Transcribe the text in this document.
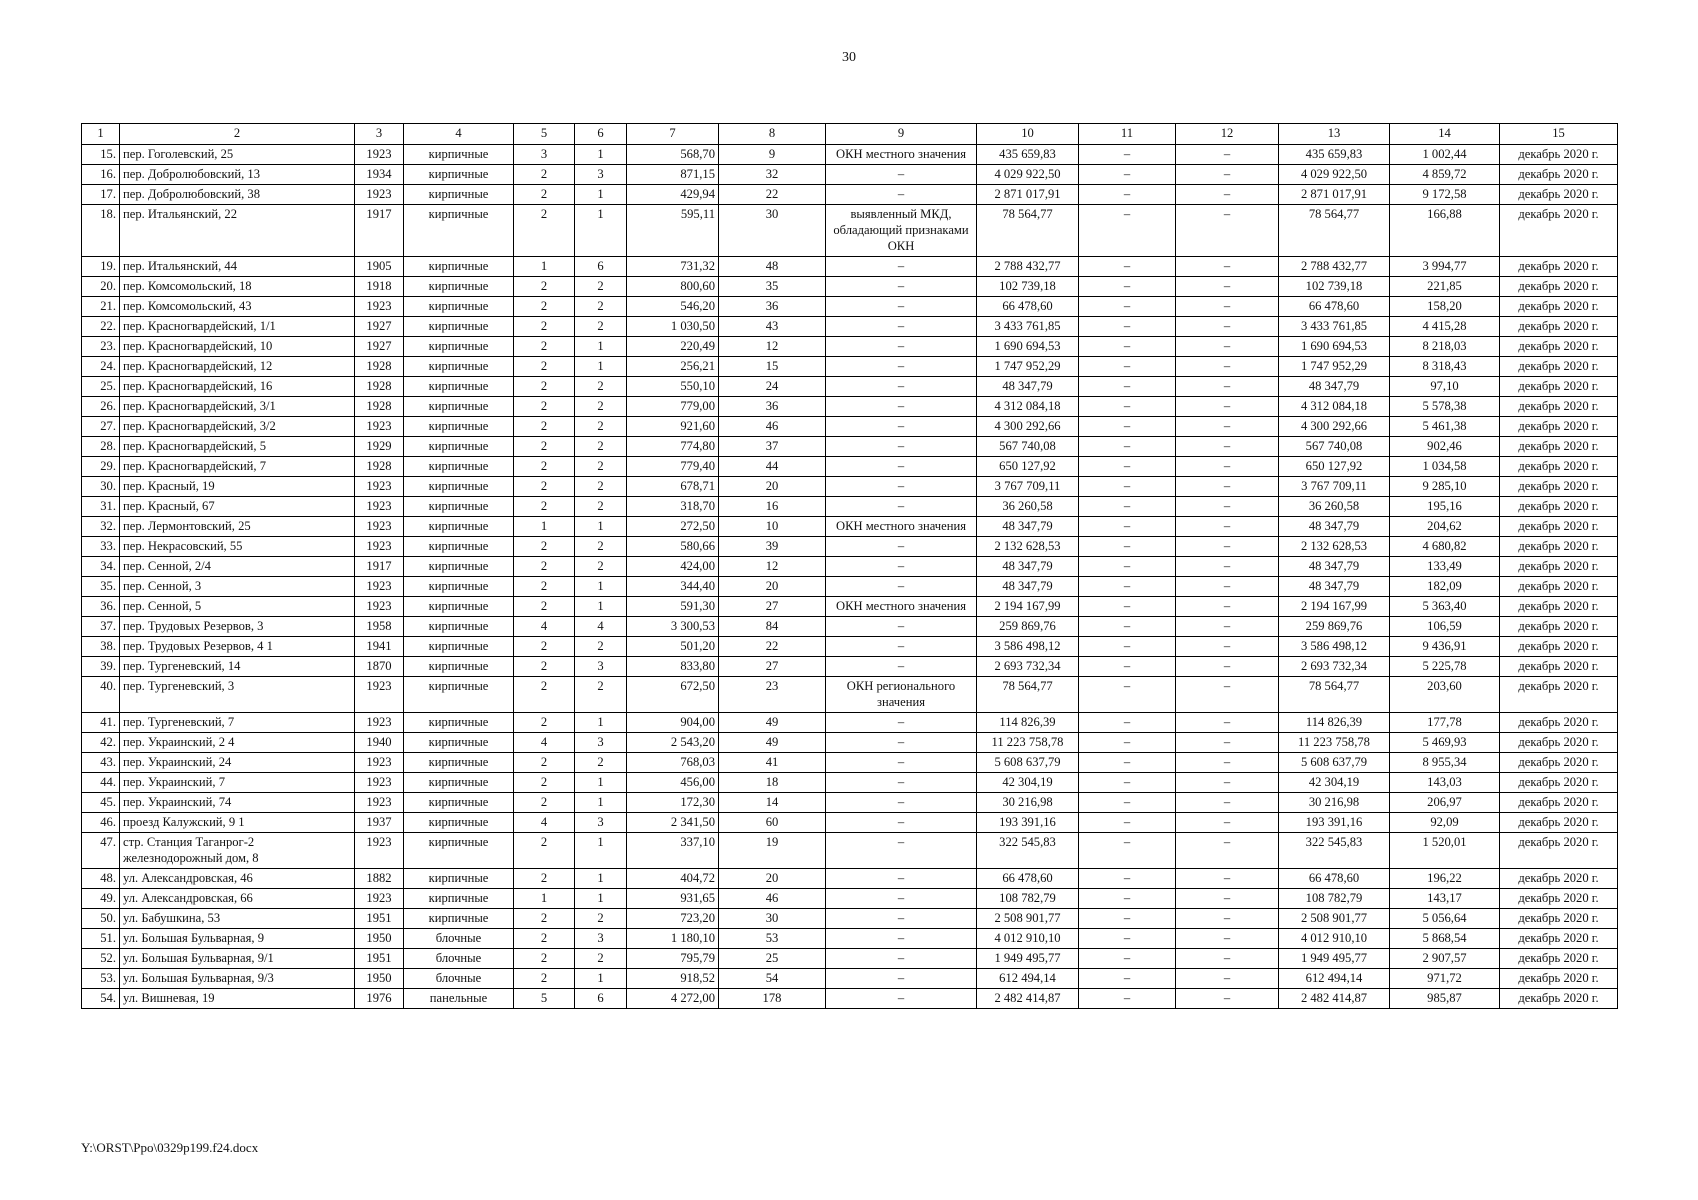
30
1	2	3	4	5	6	7	8	9	10	11	12	13	14	15
15.	пер. Гоголевский, 25	1923	кирпичные	3	1	568,70	9	ОКН местного значения	435 659,83	–	–	435 659,83	1 002,44	декабрь 2020 г.
16.	пер. Добролюбовский, 13	1934	кирпичные	2	3	871,15	32	–	4 029 922,50	–	–	4 029 922,50	4 859,72	декабрь 2020 г.
17.	пер. Добролюбовский, 38	1923	кирпичные	2	1	429,94	22	–	2 871 017,91	–	–	2 871 017,91	9 172,58	декабрь 2020 г.
18.	пер. Итальянский, 22	1917	кирпичные	2	1	595,11	30	выявленный МКД, обладающий признаками ОКН	78 564,77	–	–	78 564,77	166,88	декабрь 2020 г.
19.	пер. Итальянский, 44	1905	кирпичные	1	6	731,32	48	–	2 788 432,77	–	–	2 788 432,77	3 994,77	декабрь 2020 г.
20.	пер. Комсомольский, 18	1918	кирпичные	2	2	800,60	35	–	102 739,18	–	–	102 739,18	221,85	декабрь 2020 г.
21.	пер. Комсомольский, 43	1923	кирпичные	2	2	546,20	36	–	66 478,60	–	–	66 478,60	158,20	декабрь 2020 г.
22.	пер. Красногвардейский, 1/1	1927	кирпичные	2	2	1 030,50	43	–	3 433 761,85	–	–	3 433 761,85	4 415,28	декабрь 2020 г.
23.	пер. Красногвардейский, 10	1927	кирпичные	2	1	220,49	12	–	1 690 694,53	–	–	1 690 694,53	8 218,03	декабрь 2020 г.
24.	пер. Красногвардейский, 12	1928	кирпичные	2	1	256,21	15	–	1 747 952,29	–	–	1 747 952,29	8 318,43	декабрь 2020 г.
25.	пер. Красногвардейский, 16	1928	кирпичные	2	2	550,10	24	–	48 347,79	–	–	48 347,79	97,10	декабрь 2020 г.
26.	пер. Красногвардейский, 3/1	1928	кирпичные	2	2	779,00	36	–	4 312 084,18	–	–	4 312 084,18	5 578,38	декабрь 2020 г.
27.	пер. Красногвардейский, 3/2	1923	кирпичные	2	2	921,60	46	–	4 300 292,66	–	–	4 300 292,66	5 461,38	декабрь 2020 г.
28.	пер. Красногвардейский, 5	1929	кирпичные	2	2	774,80	37	–	567 740,08	–	–	567 740,08	902,46	декабрь 2020 г.
29.	пер. Красногвардейский, 7	1928	кирпичные	2	2	779,40	44	–	650 127,92	–	–	650 127,92	1 034,58	декабрь 2020 г.
30.	пер. Красный, 19	1923	кирпичные	2	2	678,71	20	–	3 767 709,11	–	–	3 767 709,11	9 285,10	декабрь 2020 г.
31.	пер. Красный, 67	1923	кирпичные	2	2	318,70	16	–	36 260,58	–	–	36 260,58	195,16	декабрь 2020 г.
32.	пер. Лермонтовский, 25	1923	кирпичные	1	1	272,50	10	ОКН местного значения	48 347,79	–	–	48 347,79	204,62	декабрь 2020 г.
33.	пер. Некрасовский, 55	1923	кирпичные	2	2	580,66	39	–	2 132 628,53	–	–	2 132 628,53	4 680,82	декабрь 2020 г.
34.	пер. Сенной, 2/4	1917	кирпичные	2	2	424,00	12	–	48 347,79	–	–	48 347,79	133,49	декабрь 2020 г.
35.	пер. Сенной, 3	1923	кирпичные	2	1	344,40	20	–	48 347,79	–	–	48 347,79	182,09	декабрь 2020 г.
36.	пер. Сенной, 5	1923	кирпичные	2	1	591,30	27	ОКН местного значения	2 194 167,99	–	–	2 194 167,99	5 363,40	декабрь 2020 г.
37.	пер. Трудовых Резервов, 3	1958	кирпичные	4	4	3 300,53	84	–	259 869,76	–	–	259 869,76	106,59	декабрь 2020 г.
38.	пер. Трудовых Резервов, 4 1	1941	кирпичные	2	2	501,20	22	–	3 586 498,12	–	–	3 586 498,12	9 436,91	декабрь 2020 г.
39.	пер. Тургеневский, 14	1870	кирпичные	2	3	833,80	27	–	2 693 732,34	–	–	2 693 732,34	5 225,78	декабрь 2020 г.
40.	пер. Тургеневский, 3	1923	кирпичные	2	2	672,50	23	ОКН регионального значения	78 564,77	–	–	78 564,77	203,60	декабрь 2020 г.
41.	пер. Тургеневский, 7	1923	кирпичные	2	1	904,00	49	–	114 826,39	–	–	114 826,39	177,78	декабрь 2020 г.
42.	пер. Украинский, 2 4	1940	кирпичные	4	3	2 543,20	49	–	11 223 758,78	–	–	11 223 758,78	5 469,93	декабрь 2020 г.
43.	пер. Украинский, 24	1923	кирпичные	2	2	768,03	41	–	5 608 637,79	–	–	5 608 637,79	8 955,34	декабрь 2020 г.
44.	пер. Украинский, 7	1923	кирпичные	2	1	456,00	18	–	42 304,19	–	–	42 304,19	143,03	декабрь 2020 г.
45.	пер. Украинский, 74	1923	кирпичные	2	1	172,30	14	–	30 216,98	–	–	30 216,98	206,97	декабрь 2020 г.
46.	проезд Калужский, 9 1	1937	кирпичные	4	3	2 341,50	60	–	193 391,16	–	–	193 391,16	92,09	декабрь 2020 г.
47.	стр. Станция Таганрог-2 железнодорожный дом, 8	1923	кирпичные	2	1	337,10	19	–	322 545,83	–	–	322 545,83	1 520,01	декабрь 2020 г.
48.	ул. Александровская, 46	1882	кирпичные	2	1	404,72	20	–	66 478,60	–	–	66 478,60	196,22	декабрь 2020 г.
49.	ул. Александровская, 66	1923	кирпичные	1	1	931,65	46	–	108 782,79	–	–	108 782,79	143,17	декабрь 2020 г.
50.	ул. Бабушкина, 53	1951	кирпичные	2	2	723,20	30	–	2 508 901,77	–	–	2 508 901,77	5 056,64	декабрь 2020 г.
51.	ул. Большая Бульварная, 9	1950	блочные	2	3	1 180,10	53	–	4 012 910,10	–	–	4 012 910,10	5 868,54	декабрь 2020 г.
52.	ул. Большая Бульварная, 9/1	1951	блочные	2	2	795,79	25	–	1 949 495,77	–	–	1 949 495,77	2 907,57	декабрь 2020 г.
53.	ул. Большая Бульварная, 9/3	1950	блочные	2	1	918,52	54	–	612 494,14	–	–	612 494,14	971,72	декабрь 2020 г.
54.	ул. Вишневая, 19	1976	панельные	5	6	4 272,00	178	–	2 482 414,87	–	–	2 482 414,87	985,87	декабрь 2020 г.
Y:\ORST\Ppo\0329p199.f24.docx
